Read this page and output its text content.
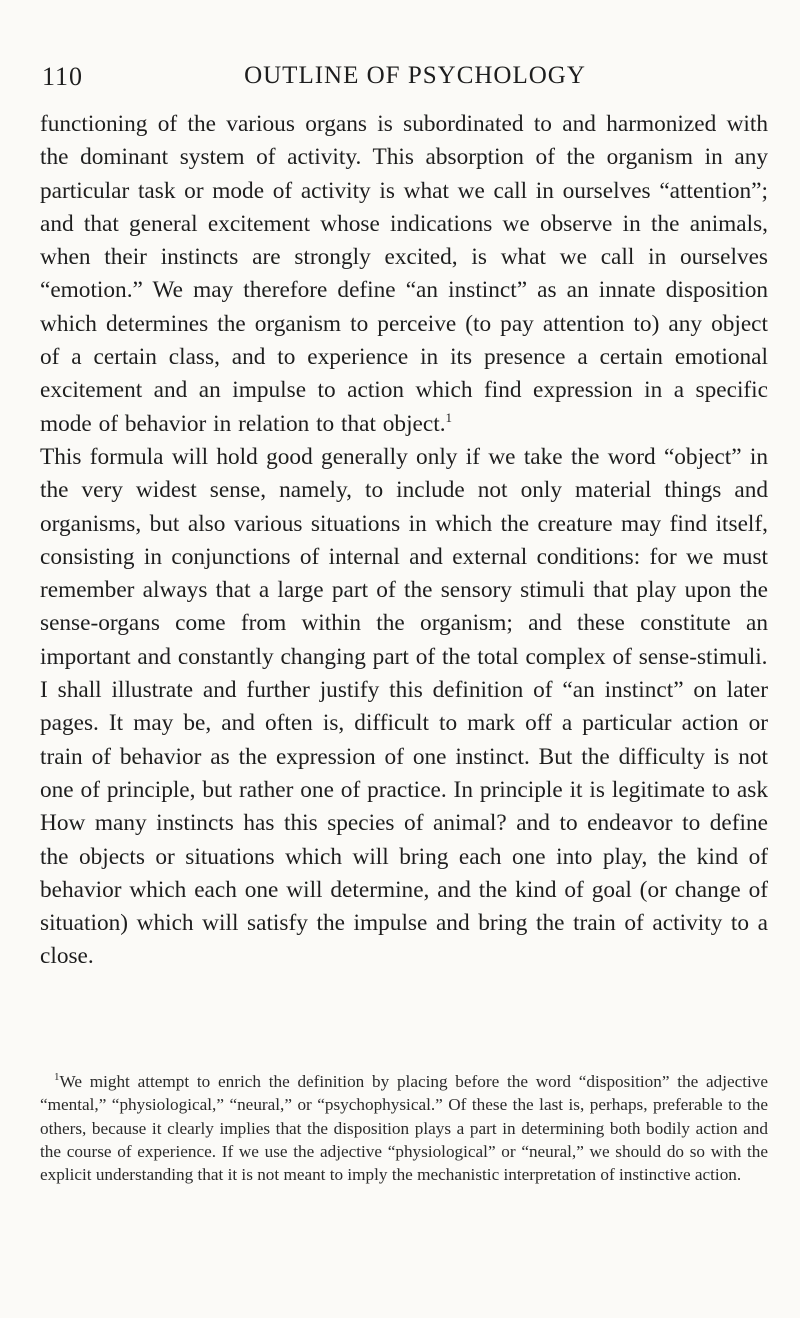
110	OUTLINE OF PSYCHOLOGY

functioning of the various organs is subordinated to and harmonized with the dominant system of activity. This absorption of the organism in any particular task or mode of activity is what we call in ourselves “attention”; and that general excitement whose indications we observe in the animals, when their instincts are strongly excited, is what we call in ourselves “emotion.” We may therefore define “an instinct” as an innate disposition which determines the organism to perceive (to pay attention to) any object of a certain class, and to experience in its presence a certain emotional excitement and an impulse to action which find expression in a specific mode of behavior in relation to that object.$^1$

This formula will hold good generally only if we take the word “object” in the very widest sense, namely, to include not only material things and organisms, but also various situations in which the creature may find itself, consisting in conjunctions of internal and external conditions: for we must remember always that a large part of the sensory stimuli that play upon the sense-organs come from within the organism; and these constitute an important and constantly changing part of the total complex of sense-stimuli.

I shall illustrate and further justify this definition of “an instinct” on later pages. It may be, and often is, difficult to mark off a particular action or train of behavior as the expression of one instinct. But the difficulty is not one of principle, but rather one of practice. In principle it is legitimate to ask How many instincts has this species of animal? and to endeavor to define the objects or situations which will bring each one into play, the kind of behavior which each one will determine, and the kind of goal (or change of situation) which will satisfy the impulse and bring the train of activity to a close.

$^1$We might attempt to enrich the definition by placing before the word “disposition” the adjective “mental,” “physiological,” “neural,” or “psychophysical.” Of these the last is, perhaps, preferable to the others, because it clearly implies that the disposition plays a part in determining both bodily action and the course of experience. If we use the adjective “physiological” or “neural,” we should do so with the explicit understanding that it is not meant to imply the mechanistic interpretation of instinctive action.
